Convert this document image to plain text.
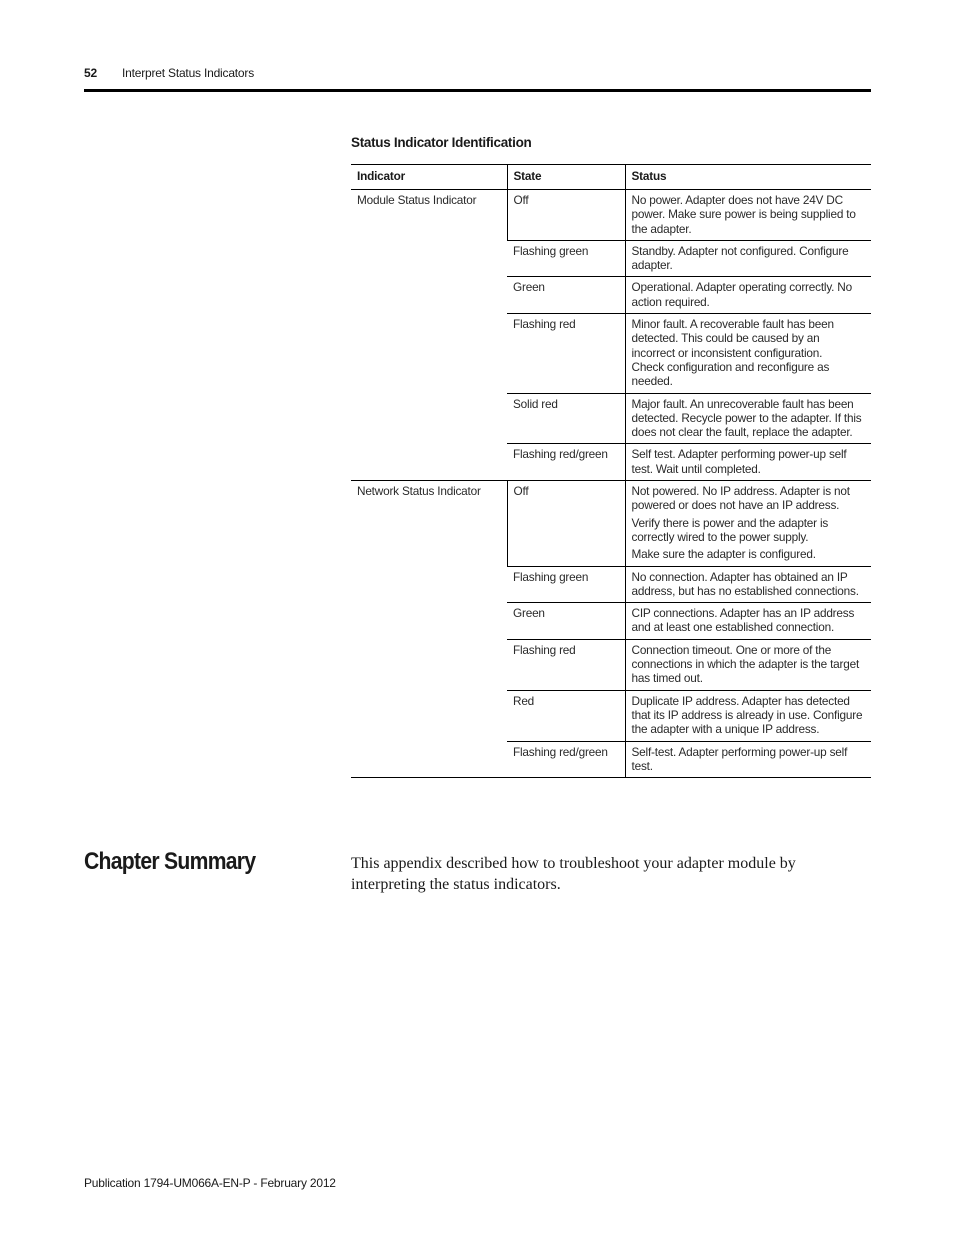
52 Interpret Status Indicators
Status Indicator Identification
Indicator	State	Status
Module Status Indicator	Off	No power. Adapter does not have 24V DC power. Make sure power is being supplied to the adapter.

	Flashing green	Standby. Adapter not configured. Configure adapter.

	Green	Operational. Adapter operating correctly. No action required.

	Flashing red	Minor fault. A recoverable fault has been detected. This could be caused by an incorrect or inconsistent configuration.
Check configuration and reconfigure as needed.

	Solid red	Major fault. An unrecoverable fault has been detected. Recycle power to the adapter. If this does not clear the fault, replace the adapter.

	Flashing red/green	Self test. Adapter performing power-up self test. Wait until completed.

Network Status Indicator	Off	Not powered. No IP address. Adapter is not powered or does not have an IP address.
Verify there is power and the adapter is correctly wired to the power supply.
Make sure the adapter is configured.

	Flashing green	No connection. Adapter has obtained an IP address, but has no established connections.

	Green	CIP connections. Adapter has an IP address and at least one established connection.

	Flashing red	Connection timeout. One or more of the connections in which the adapter is the target has timed out.

	Red	Duplicate IP address. Adapter has detected that its IP address is already in use. Configure the adapter with a unique IP address.

	Flashing red/green	Self-test. Adapter performing power-up self test.
Chapter Summary	This appendix described how to troubleshoot your adapter module by interpreting the status indicators.
Publication 1794-UM066A-EN-P - February 2012
